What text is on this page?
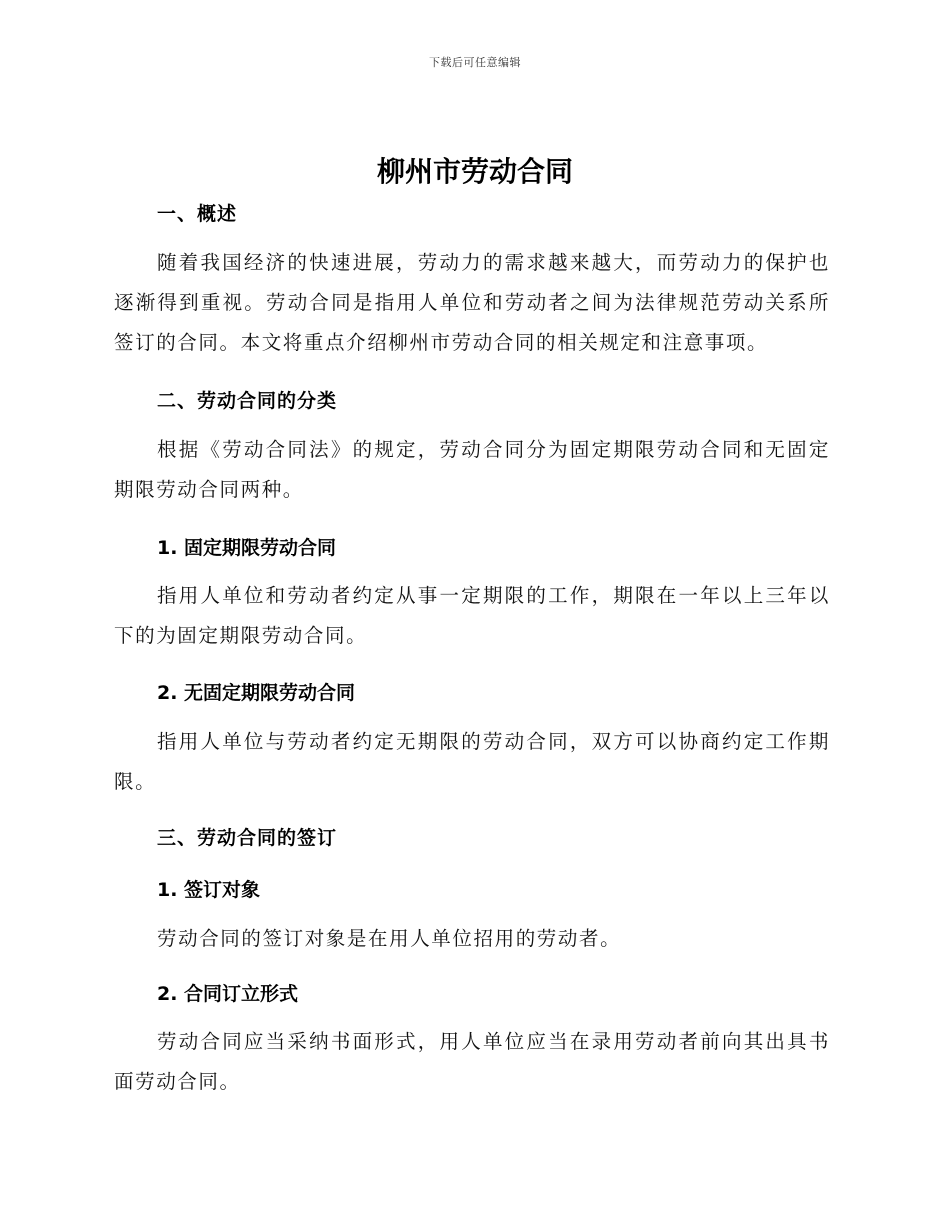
下载后可任意编辑
柳州市劳动合同
一、概述
随着我国经济的快速进展，劳动力的需求越来越大，而劳动力的保护也逐渐得到重视。劳动合同是指用人单位和劳动者之间为法律规范劳动关系所签订的合同。本文将重点介绍柳州市劳动合同的相关规定和注意事项。
二、劳动合同的分类
根据《劳动合同法》的规定，劳动合同分为固定期限劳动合同和无固定期限劳动合同两种。
1. 固定期限劳动合同
指用人单位和劳动者约定从事一定期限的工作，期限在一年以上三年以下的为固定期限劳动合同。
2. 无固定期限劳动合同
指用人单位与劳动者约定无期限的劳动合同，双方可以协商约定工作期限。
三、劳动合同的签订
1. 签订对象
劳动合同的签订对象是在用人单位招用的劳动者。
2. 合同订立形式
劳动合同应当采纳书面形式，用人单位应当在录用劳动者前向其出具书面劳动合同。
